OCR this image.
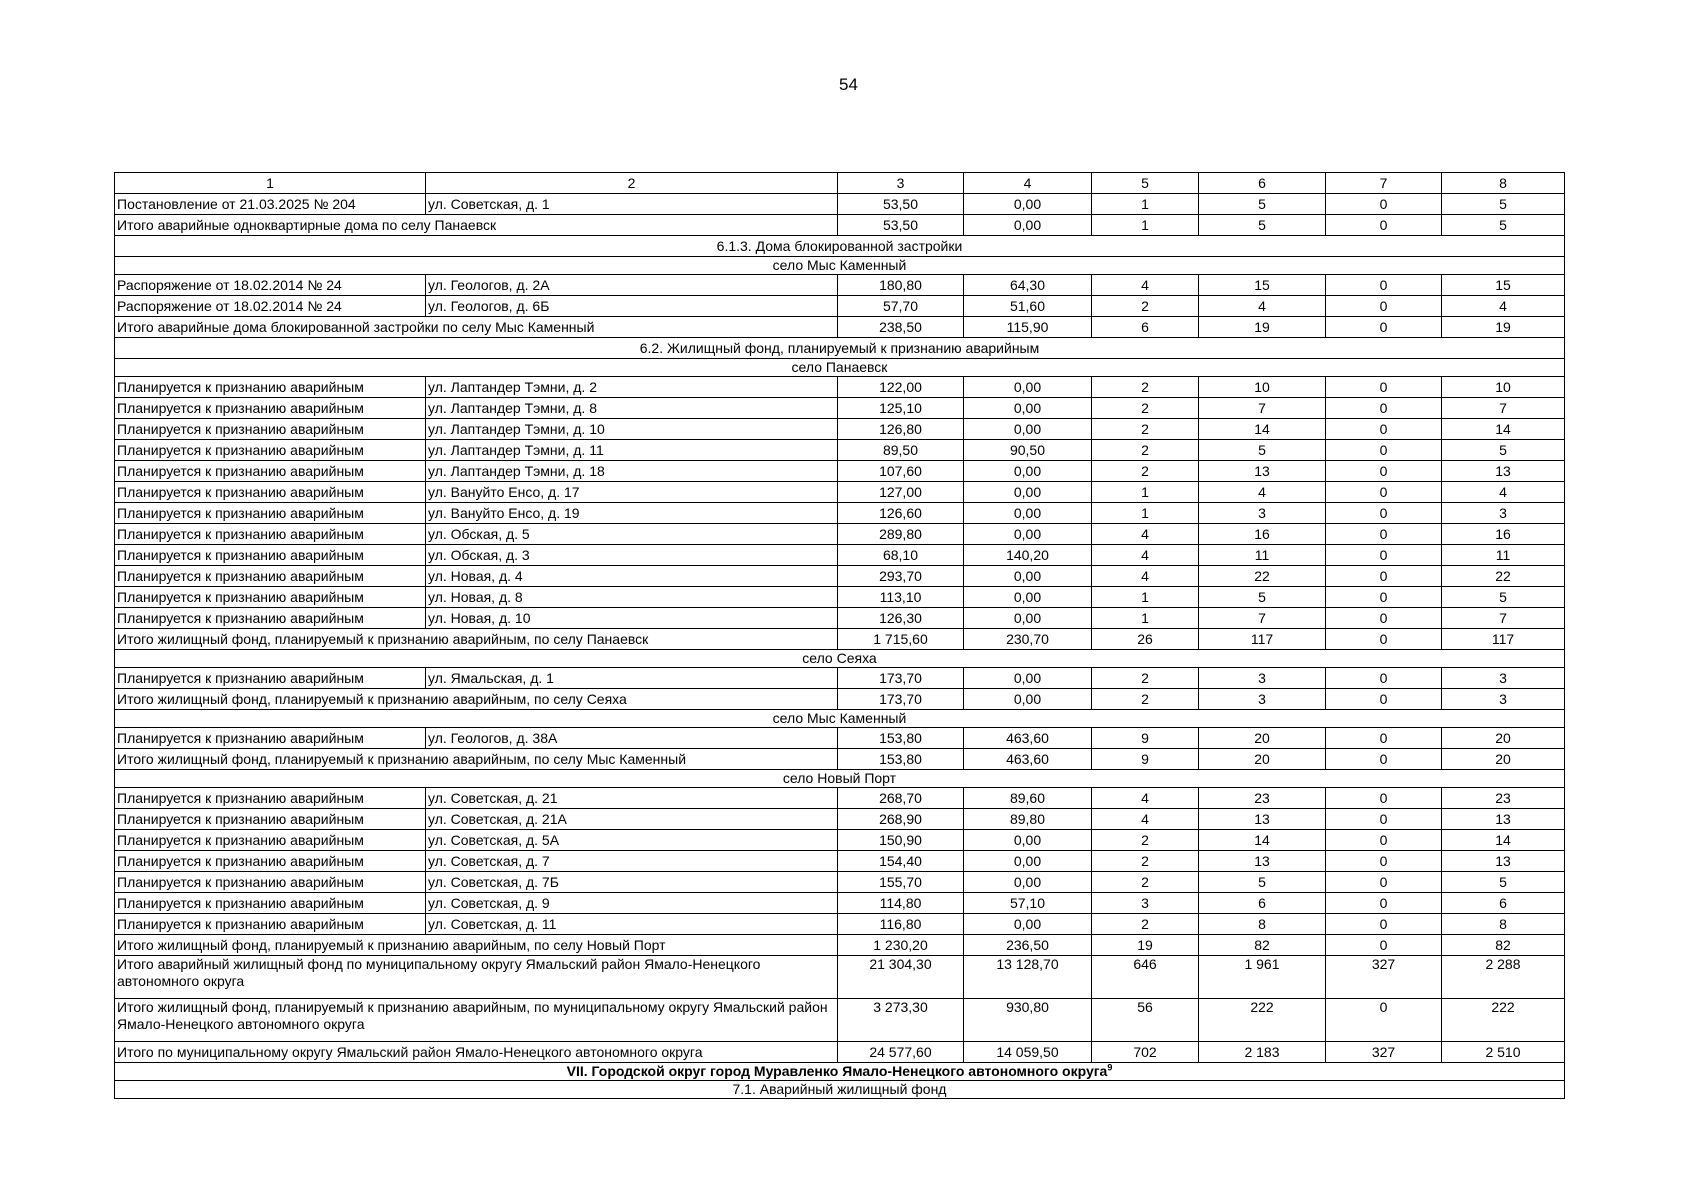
54
1	2	3	4	5	6	7	8
Постановление от 21.03.2025 № 204	ул. Советская, д. 1	53,50	0,00	1	5	0	5
Итого аварийные одноквартирные дома по селу Панаевск		53,50	0,00	1	5	0	5
6.1.3. Дома блокированной застройки							
село Мыс Каменный							
Распоряжение от 18.02.2014 № 24	ул. Геологов, д. 2А	180,80	64,30	4	15	0	15
Распоряжение от 18.02.2014 № 24	ул. Геологов, д. 6Б	57,70	51,60	2	4	0	4
Итого аварийные дома блокированной застройки по селу Мыс Каменный		238,50	115,90	6	19	0	19
6.2. Жилищный фонд, планируемый к признанию аварийным							
село Панаевск							
Планируется к признанию аварийным	ул. Лаптандер Тэмни, д. 2	122,00	0,00	2	10	0	10
Планируется к признанию аварийным	ул. Лаптандер Тэмни, д. 8	125,10	0,00	2	7	0	7
Планируется к признанию аварийным	ул. Лаптандер Тэмни, д. 10	126,80	0,00	2	14	0	14
Планируется к признанию аварийным	ул. Лаптандер Тэмни, д. 11	89,50	90,50	2	5	0	5
Планируется к признанию аварийным	ул. Лаптандер Тэмни, д. 18	107,60	0,00	2	13	0	13
Планируется к признанию аварийным	ул. Вануйто Енсо, д. 17	127,00	0,00	1	4	0	4
Планируется к признанию аварийным	ул. Вануйто Енсо, д. 19	126,60	0,00	1	3	0	3
Планируется к признанию аварийным	ул. Обская, д. 5	289,80	0,00	4	16	0	16
Планируется к признанию аварийным	ул. Обская, д. 3	68,10	140,20	4	11	0	11
Планируется к признанию аварийным	ул. Новая, д. 4	293,70	0,00	4	22	0	22
Планируется к признанию аварийным	ул. Новая, д. 8	113,10	0,00	1	5	0	5
Планируется к признанию аварийным	ул. Новая, д. 10	126,30	0,00	1	7	0	7
Итого жилищный фонд, планируемый к признанию аварийным, по селу Панаевск		1 715,60	230,70	26	117	0	117
село Сеяха							
Планируется к признанию аварийным	ул. Ямальская, д. 1	173,70	0,00	2	3	0	3
Итого жилищный фонд, планируемый к признанию аварийным, по селу Сеяха		173,70	0,00	2	3	0	3
село Мыс Каменный							
Планируется к признанию аварийным	ул. Геологов, д. 38А	153,80	463,60	9	20	0	20
Итого жилищный фонд, планируемый к признанию аварийным, по селу Мыс Каменный		153,80	463,60	9	20	0	20
село Новый Порт							
Планируется к признанию аварийным	ул. Советская, д. 21	268,70	89,60	4	23	0	23
Планируется к признанию аварийным	ул. Советская, д. 21А	268,90	89,80	4	13	0	13
Планируется к признанию аварийным	ул. Советская, д. 5А	150,90	0,00	2	14	0	14
Планируется к признанию аварийным	ул. Советская, д. 7	154,40	0,00	2	13	0	13
Планируется к признанию аварийным	ул. Советская, д. 7Б	155,70	0,00	2	5	0	5
Планируется к признанию аварийным	ул. Советская, д. 9	114,80	57,10	3	6	0	6
Планируется к признанию аварийным	ул. Советская, д. 11	116,80	0,00	2	8	0	8
Итого жилищный фонд, планируемый к признанию аварийным, по селу Новый Порт		1 230,20	236,50	19	82	0	82
Итого аварийный жилищный фонд по муниципальному округу Ямальский район Ямало-Ненецкого автономного округа		21 304,30	13 128,70	646	1 961	327	2 288
Итого жилищный фонд, планируемый к признанию аварийным, по муниципальному округу Ямальский район Ямало-Ненецкого автономного округа		3 273,30	930,80	56	222	0	222
Итого по муниципальному округу Ямальский район Ямало-Ненецкого автономного округа		24 577,60	14 059,50	702	2 183	327	2 510
VII. Городской округ город Муравленко Ямало-Ненецкого автономного округа$^9$
7.1. Аварийный жилищный фонд							
